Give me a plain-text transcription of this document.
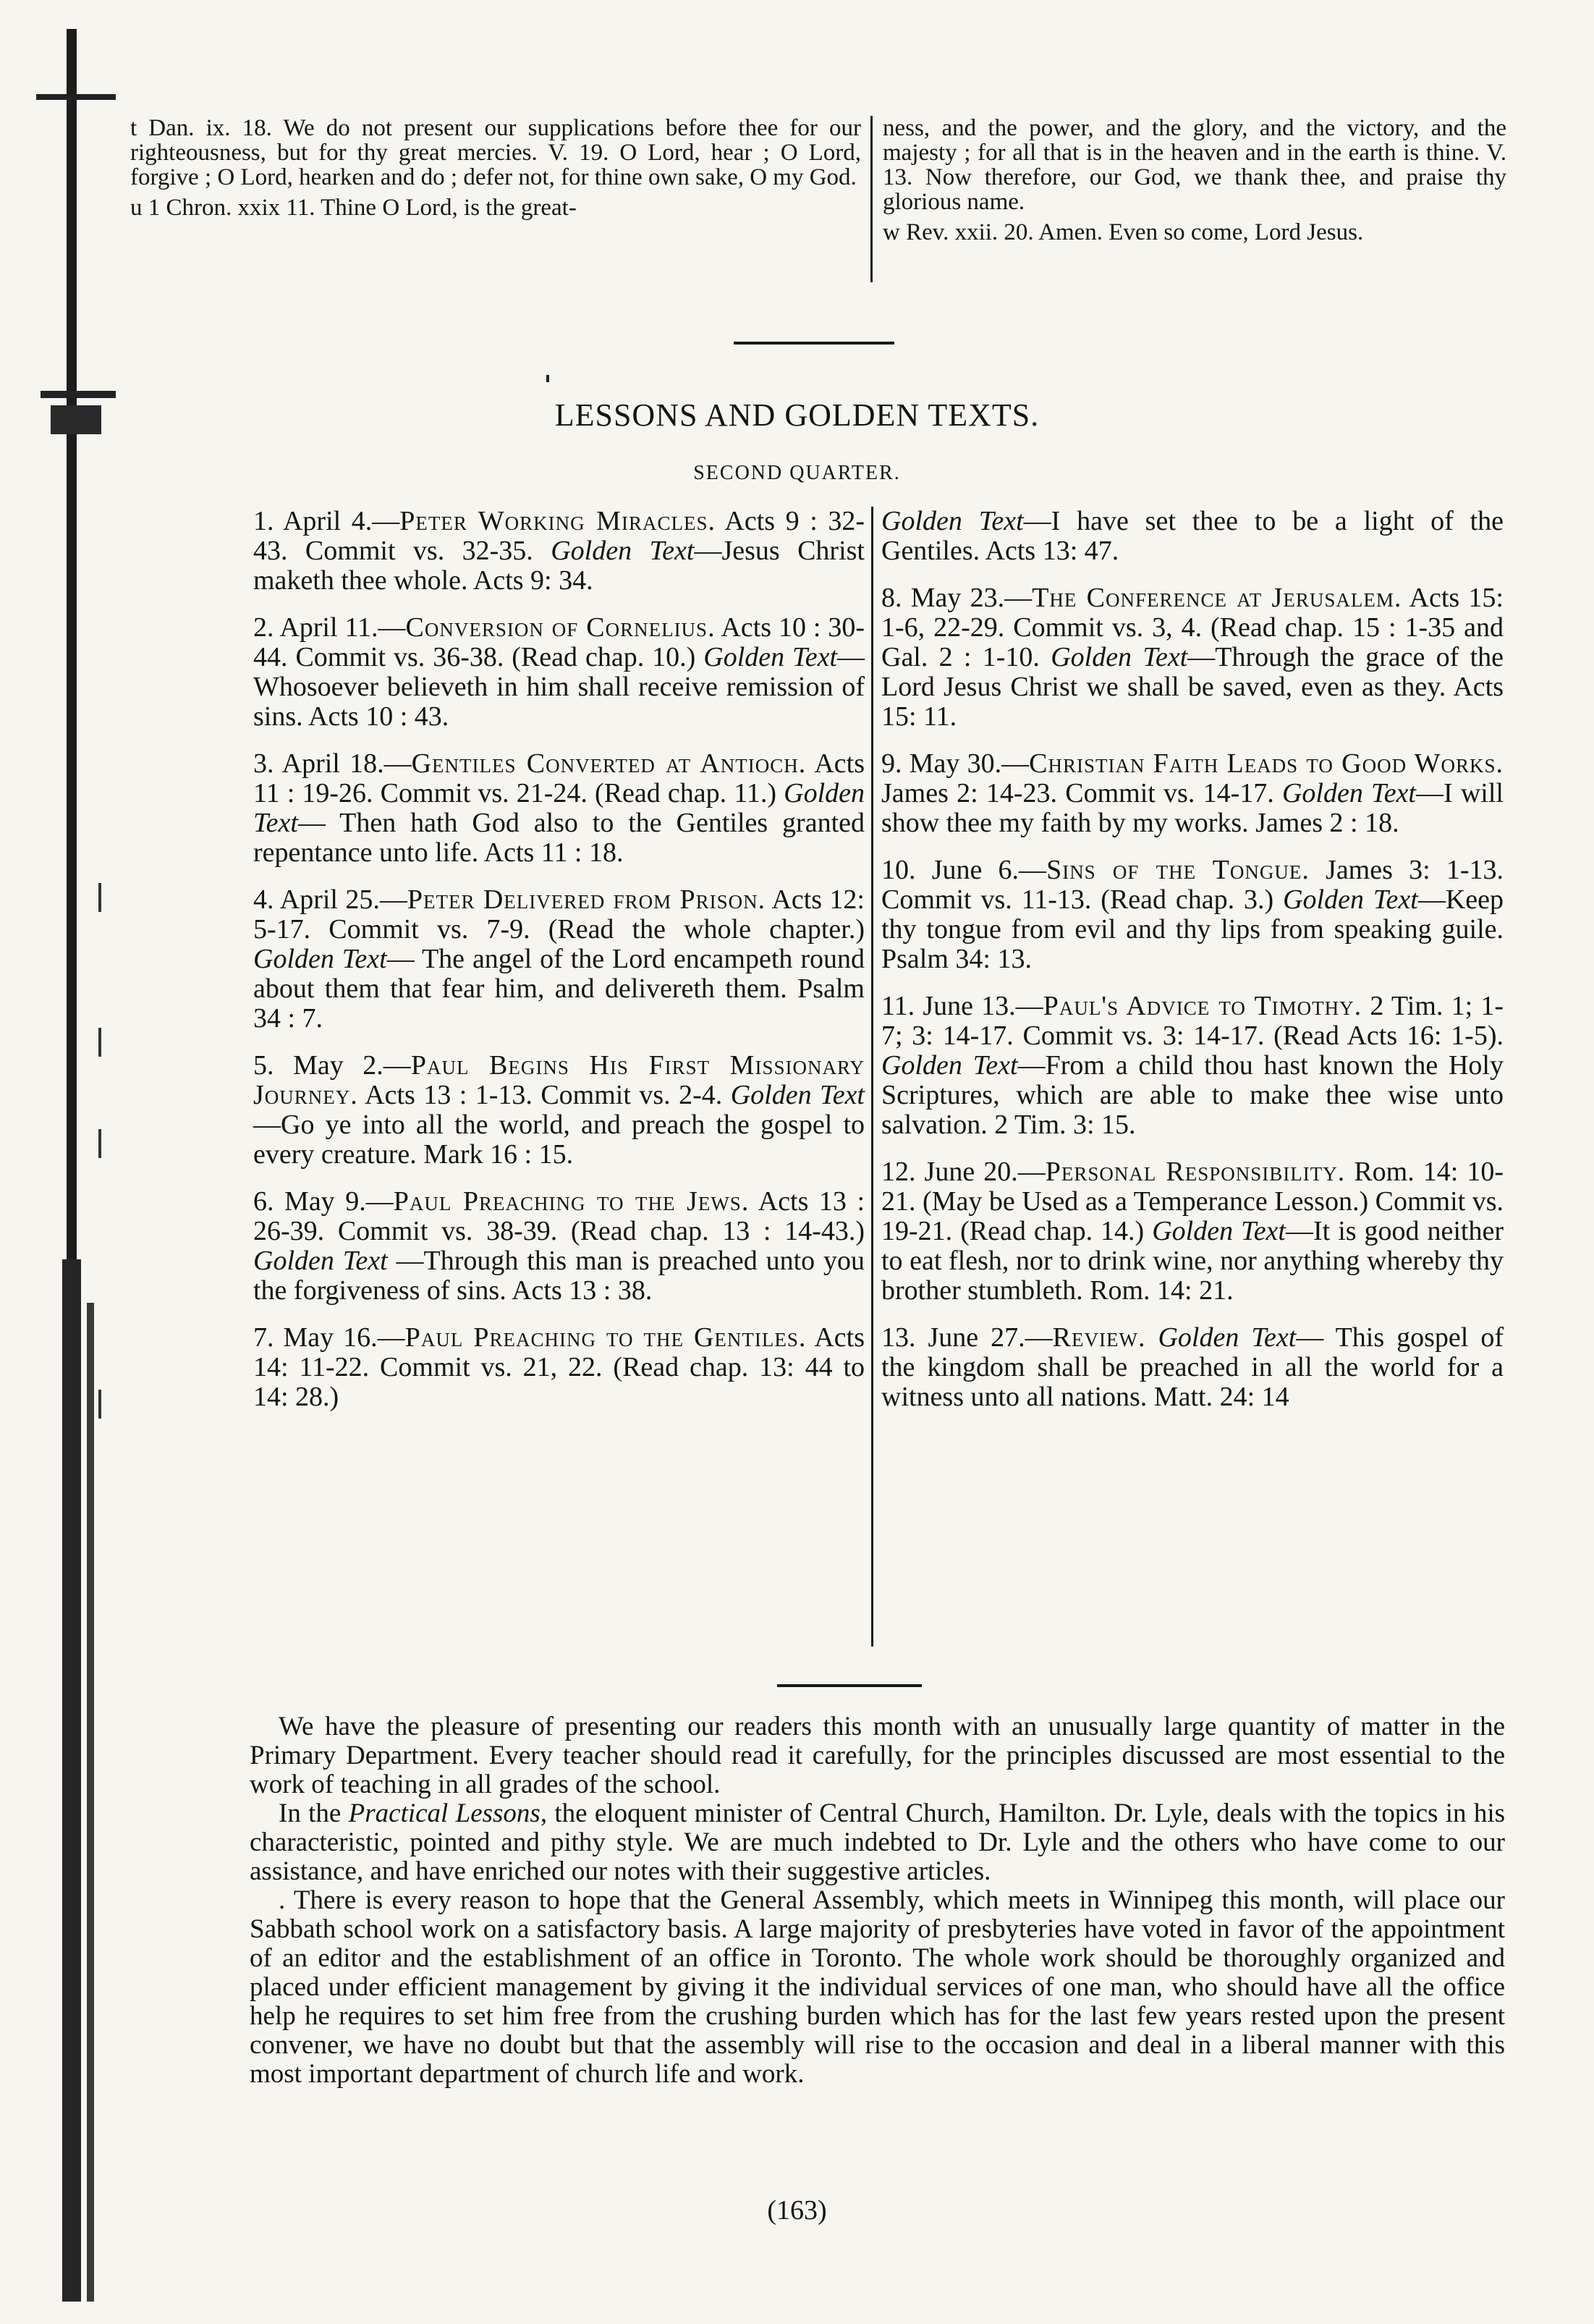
t Dan. ix. 18. We do not present our supplications before thee for our righteousness, but for thy great mercies. V. 19. O Lord, hear ; O Lord, forgive ; O Lord, hearken and do ; defer not, for thine own sake, O my God.

u 1 Chron. xxix 11. Thine O Lord, is the great-

ness, and the power, and the glory, and the victory, and the majesty ; for all that is in the heaven and in the earth is thine. V. 13. Now therefore, our God, we thank thee, and praise thy glorious name.

w Rev. xxii. 20. Amen. Even so come, Lord Jesus.

LESSONS AND GOLDEN TEXTS.
SECOND QUARTER.

1. April 4.—Peter Working Miracles. Acts 9 : 32-43. Commit vs. 32-35. Golden Text—Jesus Christ maketh thee whole. Acts 9: 34.

2. April 11.—Conversion of Cornelius. Acts 10 : 30-44. Commit vs. 36-38. (Read chap. 10.) Golden Text—Whosoever believeth in him shall receive remission of sins. Acts 10 : 43.

3. April 18.—Gentiles Converted at Antioch. Acts 11 : 19-26. Commit vs. 21-24. (Read chap. 11.) Golden Text— Then hath God also to the Gentiles granted repentance unto life. Acts 11 : 18.

4. April 25.—Peter Delivered from Prison. Acts 12: 5-17. Commit vs. 7-9. (Read the whole chapter.) Golden Text— The angel of the Lord encampeth round about them that fear him, and delivereth them. Psalm 34 : 7.

5. May 2.—Paul Begins His First Missionary Journey. Acts 13 : 1-13. Commit vs. 2-4. Golden Text—Go ye into all the world, and preach the gospel to every creature. Mark 16 : 15.

6. May 9.—Paul Preaching to the Jews. Acts 13 : 26-39. Commit vs. 38-39. (Read chap. 13 : 14-43.) Golden Text —Through this man is preached unto you the forgiveness of sins. Acts 13 : 38.

7. May 16.—Paul Preaching to the Gentiles. Acts 14: 11-22. Commit vs. 21, 22. (Read chap. 13: 44 to 14: 28.)

Golden Text—I have set thee to be a light of the Gentiles. Acts 13: 47.

8. May 23.—The Conference at Jerusalem. Acts 15: 1-6, 22-29. Commit vs. 3, 4. (Read chap. 15 : 1-35 and Gal. 2 : 1-10. Golden Text—Through the grace of the Lord Jesus Christ we shall be saved, even as they. Acts 15: 11.

9. May 30.—Christian Faith Leads to Good Works. James 2: 14-23. Commit vs. 14-17. Golden Text—I will show thee my faith by my works. James 2 : 18.

10. June 6.—Sins of the Tongue. James 3: 1-13. Commit vs. 11-13. (Read chap. 3.) Golden Text—Keep thy tongue from evil and thy lips from speaking guile. Psalm 34: 13.

11. June 13.—Paul's Advice to Timothy. 2 Tim. 1; 1-7; 3: 14-17. Commit vs. 3: 14-17. (Read Acts 16: 1-5). Golden Text—From a child thou hast known the Holy Scriptures, which are able to make thee wise unto salvation. 2 Tim. 3: 15.

12. June 20.—Personal Responsibility. Rom. 14: 10-21. (May be Used as a Temperance Lesson.) Commit vs. 19-21. (Read chap. 14.) Golden Text—It is good neither to eat flesh, nor to drink wine, nor anything whereby thy brother stumbleth. Rom. 14: 21.

13. June 27.—Review. Golden Text— This gospel of the kingdom shall be preached in all the world for a witness unto all nations. Matt. 24: 14

We have the pleasure of presenting our readers this month with an unusually large quantity of matter in the Primary Department. Every teacher should read it carefully, for the principles discussed are most essential to the work of teaching in all grades of the school.

In the Practical Lessons, the eloquent minister of Central Church, Hamilton. Dr. Lyle, deals with the topics in his characteristic, pointed and pithy style. We are much indebted to Dr. Lyle and the others who have come to our assistance, and have enriched our notes with their suggestive articles.

. There is every reason to hope that the General Assembly, which meets in Winnipeg this month, will place our Sabbath school work on a satisfactory basis. A large majority of presbyteries have voted in favor of the appointment of an editor and the establishment of an office in Toronto. The whole work should be thoroughly organized and placed under efficient management by giving it the individual services of one man, who should have all the office help he requires to set him free from the crushing burden which has for the last few years rested upon the present convener, we have no doubt but that the assembly will rise to the occasion and deal in a liberal manner with this most important department of church life and work.

(163)
